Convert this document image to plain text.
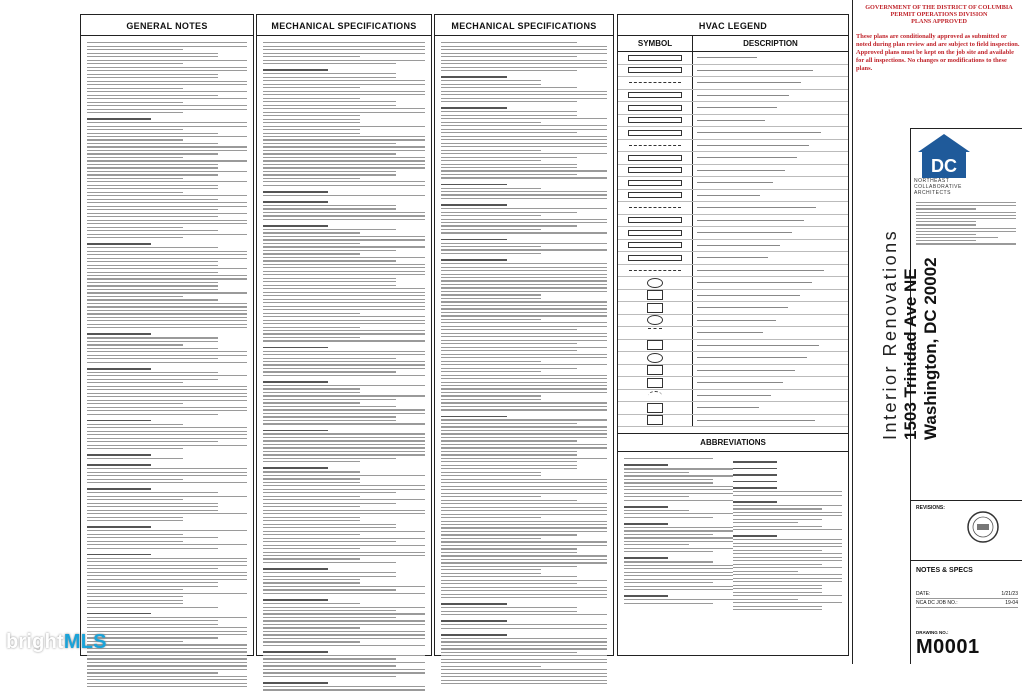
GENERAL NOTES	MECHANICAL SPECIFICATIONS	MECHANICAL SPECIFICATIONS	HVAC LEGEND
SYMBOL	DESCRIPTION
ABBREVIATIONS
GOVERNMENT OF THE DISTRICT OF COLUMBIA
PERMIT OPERATIONS DIVISION
PLANS APPROVED
These plans are conditionally approved as submitted or noted during plan review and are subject to field inspection. Approved plans must be kept on the job site and available for all inspections. No changes or modifications to these plans.
DC
NORTHEAST
COLLABORATIVE
ARCHITECTS
Interior Renovations 1503 Trinidad Ave NE Washington, DC 20002
REVISIONS:
NOTES & SPECS
DATE:	1/21/23
NCA DC JOB NO.:	19-04
DRAWING NO.:
M0001
brightMLS
